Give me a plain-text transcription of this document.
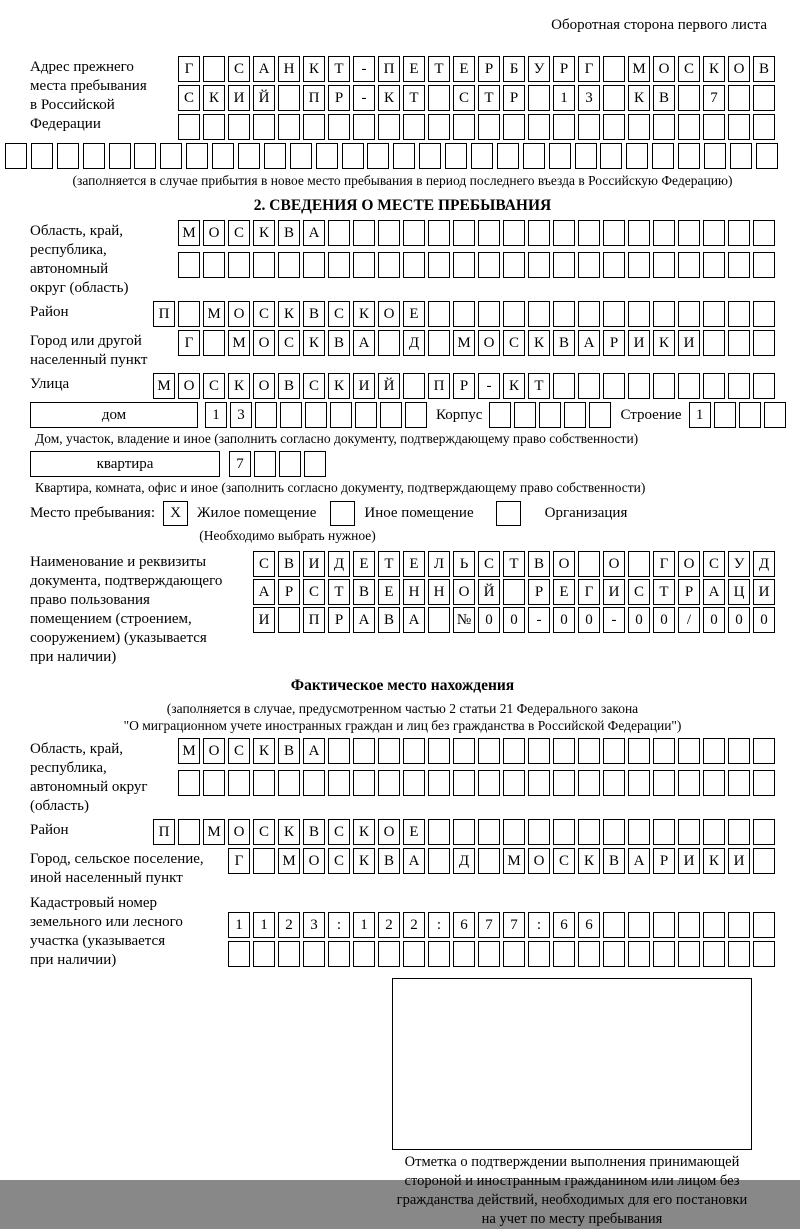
Оборотная сторона первого листа
Адрес прежнего
места пребывания
в Российской
Федерации
Г	С А Н К	Т	-	П Е	Т	Е	Р	Б	У	Р	Г	М О С К О В
С К И Й	П	Р	-	К	Т	С	Т	Р	1	3	К В	7
(заполняется в случае прибытия в новое место пребывания в период последнего въезда в Российскую Федерацию)
2. СВЕДЕНИЯ О МЕСТЕ ПРЕБЫВАНИЯ
Область, край,
республика,
автономный
округ (область)
М О С К В А
Район	П	М О С К В С К О Е
Город или другой
населенный пункт
Г	М О С К В А	Д	М О С К В А	Р	И К И
Улица	М О С К О В С К И Й	П	Р	-	К	Т
дом	1	3	Корпус	Строение 1
Дом, участок, владение и иное (заполнить согласно документу, подтверждающему право собственности)
квартира	7
Квартира, комната, офис и иное (заполнить согласно документу, подтверждающему право собственности)
Место пребывания:	X	Жилое помещение	Иное помещение	Организация
(Необходимо выбрать нужное)
Наименование и реквизиты
документа, подтверждающего
право пользования
помещением (строением,
сооружением) (указывается
при наличии)
С В И Д	Е	Т	Е	Л	Ь	С	Т	В О	О	Г	О С У Д
А	Р	С	Т	В	Е	Н Н О Й	Р	Е	Г	И С	Т	Р	А Ц И
И	П	Р	А В А	№ 0	0	-	0	0	-	0	0	/	0	0	0
Фактическое место нахождения
(заполняется в случае, предусмотренном частью 2 статьи 21 Федерального закона
"О миграционном учете иностранных граждан и лиц без гражданства в Российской Федерации")
Область, край,
республика,
автономный округ
(область)
М О С К В А
Район	П	М О С К В С К О Е
Город, сельское поселение,
иной населенный пункт
Г	М О С К В А	Д	М О С К В А	Р	И К И
Кадастровый номер
земельного или лесного
участка (указывается
при наличии)
1	1	2	3	:	1	2	2	:	6	7	7	:	6	6
Отметка о подтверждении выполнения принимающей
стороной и иностранным гражданином или лицом без
гражданства действий, необходимых для его постановки
на учет по месту пребывания
